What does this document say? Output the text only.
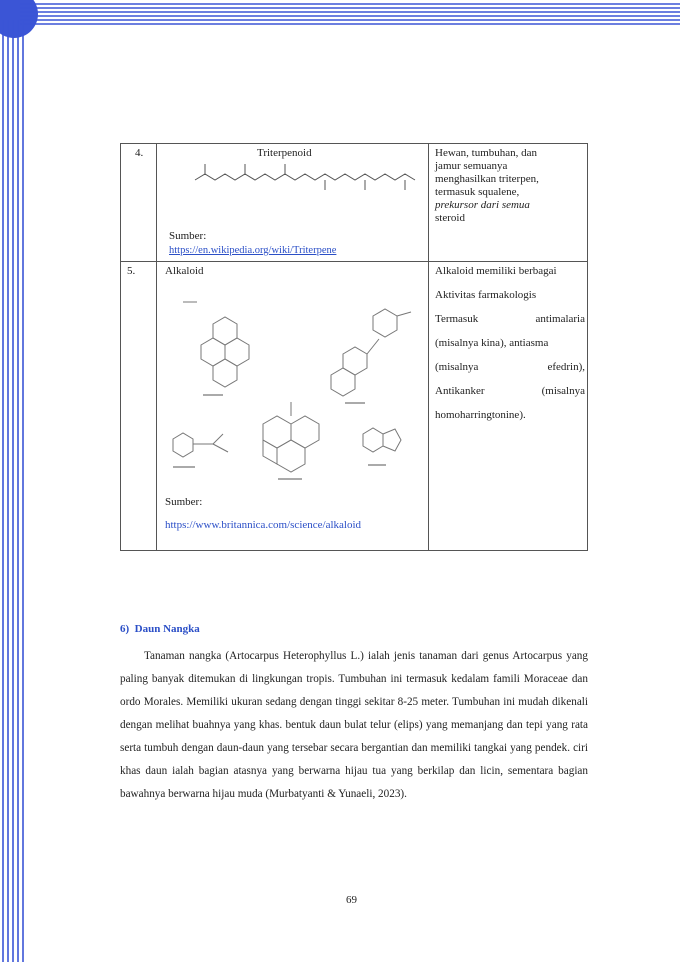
4.	Triterpenoid
Sumber:
https://en.wikipedia.org/wiki/Triterpene
Hewan, tumbuhan, dan
jamur semuanya
menghasilkan triterpen,
termasuk squalene,
prekursor dari semua
steroid
5.	Alkaloid
Sumber:
https://www.britannica.com/science/alkaloid
Alkaloid memiliki berbagai
Aktivitas farmakologis
Termasuk antimalaria
(misalnya kina), antiasma
(misalnya efedrin),
Antikanker (misalnya
homoharringtonine).
6) Daun Nangka
Tanaman nangka (Artocarpus Heterophyllus L.) ialah jenis tanaman dari genus Artocarpus yang paling banyak ditemukan di lingkungan tropis. Tumbuhan ini termasuk kedalam famili Moraceae dan ordo Morales. Memiliki ukuran sedang dengan tinggi sekitar 8-25 meter. Tumbuhan ini mudah dikenali dengan melihat buahnya yang khas. bentuk daun bulat telur (elips) yang memanjang dan tepi yang rata serta tumbuh dengan daun-daun yang tersebar secara bergantian dan memiliki tangkai yang pendek. ciri khas daun ialah bagian atasnya yang berwarna hijau tua yang berkilap dan licin, sementara bagian bawahnya berwarna hijau muda (Murbatyanti & Yunaeli, 2023).
69
